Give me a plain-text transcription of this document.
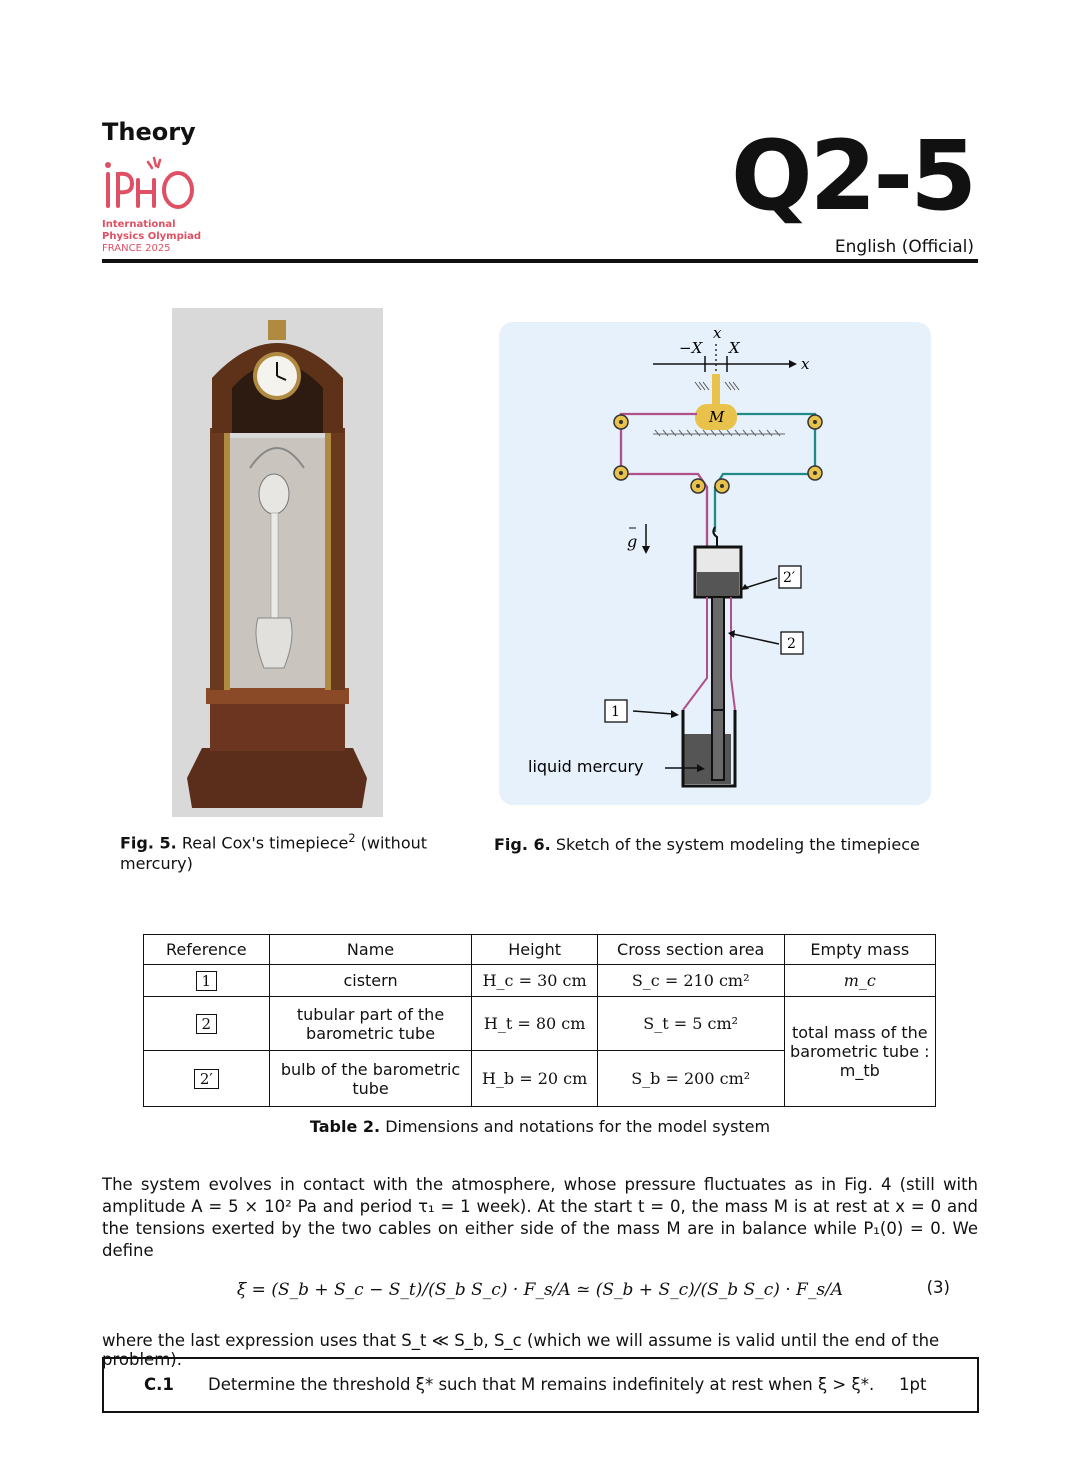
Theory
International
Physics Olympiad
FRANCE 2025
Q2-5
English (Official)
Fig. 5. Real Cox's timepiece$^2$ (without mercury)
x
x
−X X
M
g
2′
2
1
liquid mercury
Fig. 6. Sketch of the system modeling the timepiece
Reference	Name	Height	Cross section area	Empty mass
1	cistern	H_c = 30 cm	S_c = 210 cm²	m_c
2	tubular part of the barometric tube	H_t = 80 cm	S_t = 5 cm²	total mass of the barometric tube : m_tb
2′	bulb of the barometric tube	H_b = 20 cm	S_b = 200 cm²	
Table 2. Dimensions and notations for the model system
The system evolves in contact with the atmosphere, whose pressure fluctuates as in Fig. 4 (still with amplitude A = 5 × 10² Pa and period τ₁ = 1 week). At the start t = 0, the mass M is at rest at x = 0 and the tensions exerted by the two cables on either side of the mass M are in balance while P₁(0) = 0. We define
ξ = (S_b + S_c − S_t)/(S_b S_c) · F_s/A ≃ (S_b + S_c)/(S_b S_c) · F_s/A	(3)
where the last expression uses that S_t ≪ S_b, S_c (which we will assume is valid until the end of the problem).
C.1 Determine the threshold ξ* such that M remains indefinitely at rest when ξ > ξ*. 1pt
